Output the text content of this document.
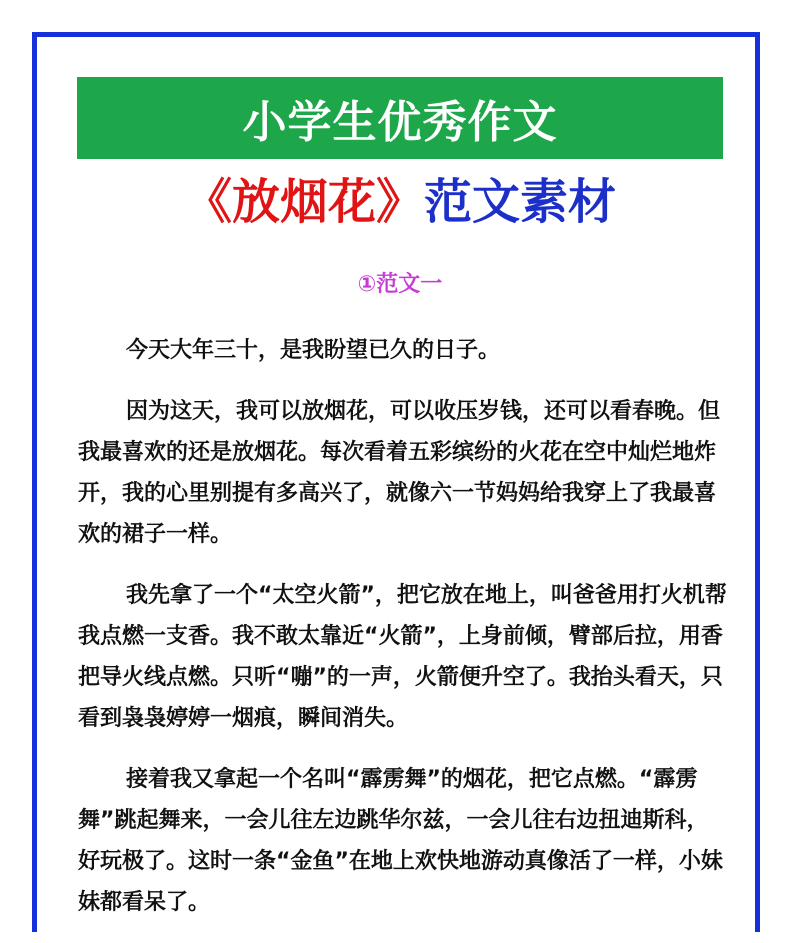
小学生优秀作文
《放烟花》范文素材
①范文一

今天大年三十，是我盼望已久的日子。

因为这天，我可以放烟花，可以收压岁钱，还可以看春晚。但我最喜欢的还是放烟花。每次看着五彩缤纷的火花在空中灿烂地炸开，我的心里别提有多高兴了，就像六一节妈妈给我穿上了我最喜欢的裙子一样。

我先拿了一个“太空火箭”，把它放在地上，叫爸爸用打火机帮我点燃一支香。我不敢太靠近“火箭”，上身前倾，臂部后拉，用香把导火线点燃。只听“嘣”的一声，火箭便升空了。我抬头看天，只看到袅袅婷婷一烟痕，瞬间消失。

接着我又拿起一个名叫“霹雳舞”的烟花，把它点燃。“霹雳舞”跳起舞来，一会儿往左边跳华尔兹，一会儿往右边扭迪斯科，好玩极了。这时一条“金鱼”在地上欢快地游动真像活了一样，小妹妹都看呆了。
